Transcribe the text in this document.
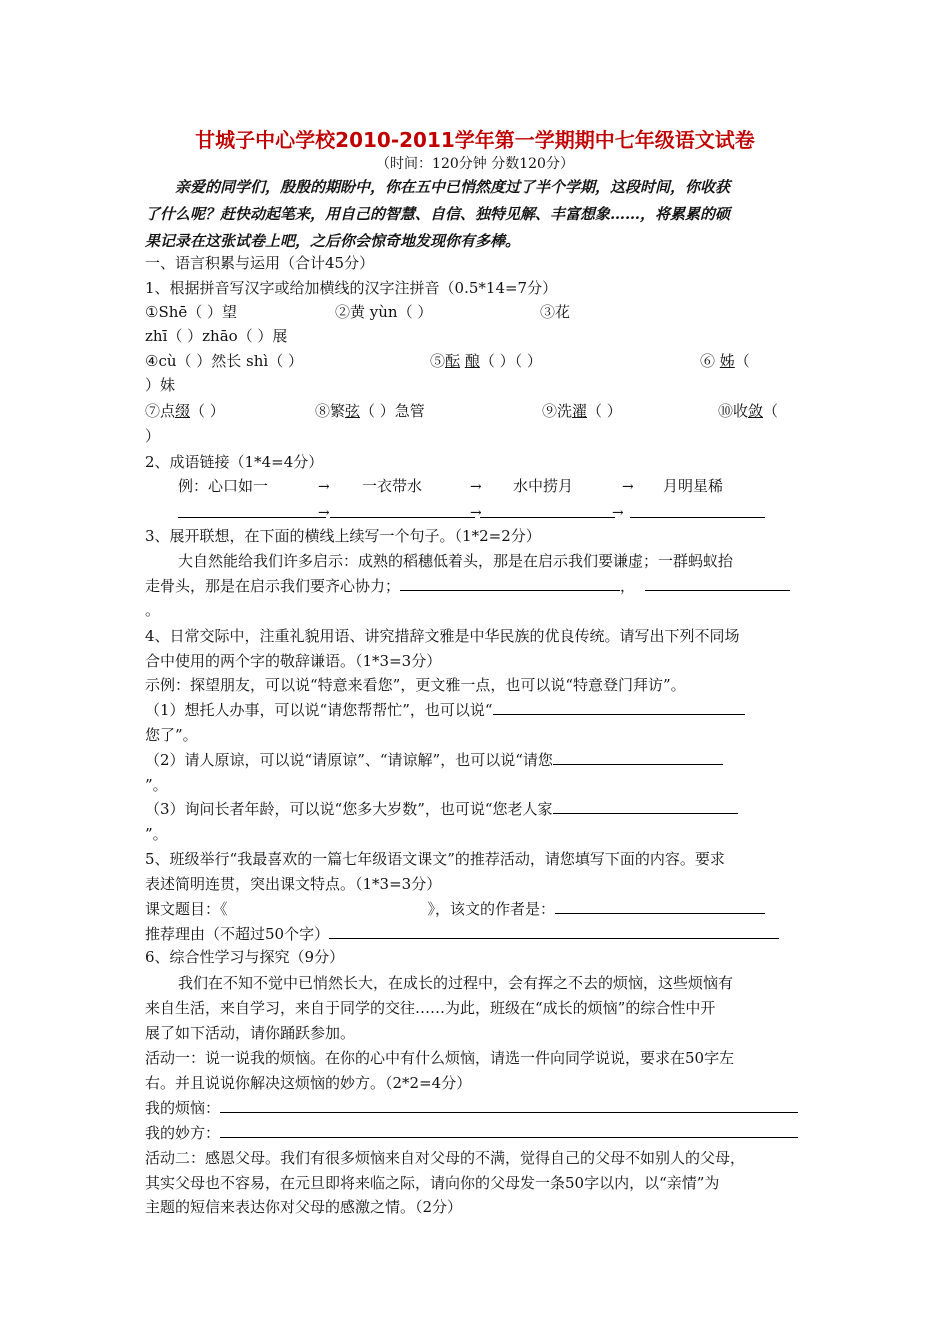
甘城子中心学校2010-2011学年第一学期期中七年级语文试卷
（时间：120分钟 分数120分）
亲爱的同学们，殷殷的期盼中，你在五中已悄然度过了半个学期，这段时间，你收获
了什么呢？赶快动起笔来，用自己的智慧、自信、独特见解、丰富想象……，将累累的硕
果记录在这张试卷上吧，之后你会惊奇地发现你有多棒。
一、语言积累与运用（合计45分）
1、根据拼音写汉字或给加横线的汉字注拼音（0.5*14=7分）
①Shē（ ）望	②黄 yùn（ ）	③花
zhī（ ）zhāo（ ）展
④cù（ ）然长 shì（ ）	⑤酝 酿（ ）（ ）	⑥ 姊（
）妹
⑦点缀（ ）	⑧繁弦（ ）急管	⑨洗濯（ ）	⑩收敛（
）
2、成语链接（1*4=4分）
例：心口如一	→ 一衣带水	→ 水中捞月	→ 月明星稀
→	→	→
3、展开联想，在下面的横线上续写一个句子。（1*2=2分）
大自然能给我们许多启示：成熟的稻穗低着头，那是在启示我们要谦虚；一群蚂蚁抬
走骨头，那是在启示我们要齐心协力；	，
。
4、日常交际中，注重礼貌用语、讲究措辞文雅是中华民族的优良传统。请写出下列不同场
合中使用的两个字的敬辞谦语。（1*3=3分）
示例：探望朋友，可以说“特意来看您”，更文雅一点，也可以说“特意登门拜访”。
（1）想托人办事，可以说“请您帮帮忙”，也可以说“
您了”。
（2）请人原谅，可以说“请原谅”、“请谅解”，也可以说“请您
”。
（3）询问长者年龄，可以说“您多大岁数”，也可说“您老人家
”。
5、班级举行“我最喜欢的一篇七年级语文课文”的推荐活动，请您填写下面的内容。要求
表述简明连贯，突出课文特点。（1*3=3分）
课文题目：《	》，该文的作者是：
推荐理由（不超过50个字）
6、综合性学习与探究（9分）
我们在不知不觉中已悄然长大，在成长的过程中，会有挥之不去的烦恼，这些烦恼有
来自生活，来自学习，来自于同学的交往……为此，班级在“成长的烦恼”的综合性中开
展了如下活动，请你踊跃参加。
活动一：说一说我的烦恼。在你的心中有什么烦恼，请选一件向同学说说，要求在50字左
右。并且说说你解决这烦恼的妙方。（2*2=4分）
我的烦恼：
我的妙方：
活动二：感恩父母。我们有很多烦恼来自对父母的不满，觉得自己的父母不如别人的父母，
其实父母也不容易，在元旦即将来临之际，请向你的父母发一条50字以内，以“亲情”为
主题的短信来表达你对父母的感激之情。（2分）
